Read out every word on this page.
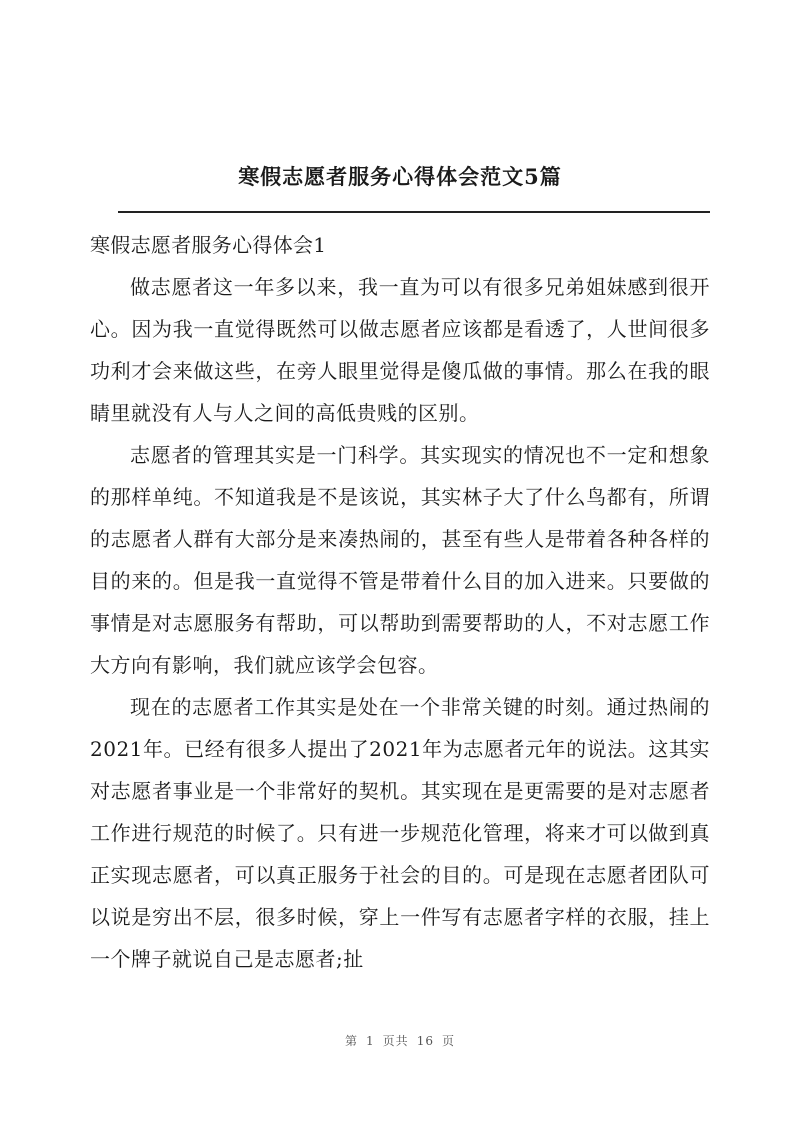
寒假志愿者服务心得体会范文5篇

寒假志愿者服务心得体会1

做志愿者这一年多以来，我一直为可以有很多兄弟姐妹感到很开心。因为我一直觉得既然可以做志愿者应该都是看透了，人世间很多功利才会来做这些，在旁人眼里觉得是傻瓜做的事情。那么在我的眼睛里就没有人与人之间的高低贵贱的区别。

志愿者的管理其实是一门科学。其实现实的情况也不一定和想象的那样单纯。不知道我是不是该说，其实林子大了什么鸟都有，所谓的志愿者人群有大部分是来凑热闹的，甚至有些人是带着各种各样的目的来的。但是我一直觉得不管是带着什么目的加入进来。只要做的事情是对志愿服务有帮助，可以帮助到需要帮助的人，不对志愿工作大方向有影响，我们就应该学会包容。

现在的志愿者工作其实是处在一个非常关键的时刻。通过热闹的2021年。已经有很多人提出了2021年为志愿者元年的说法。这其实对志愿者事业是一个非常好的契机。其实现在是更需要的是对志愿者工作进行规范的时候了。只有进一步规范化管理，将来才可以做到真正实现志愿者，可以真正服务于社会的目的。可是现在志愿者团队可以说是穷出不层，很多时候，穿上一件写有志愿者字样的衣服，挂上一个牌子就说自己是志愿者;扯

第 1 页共 16 页
